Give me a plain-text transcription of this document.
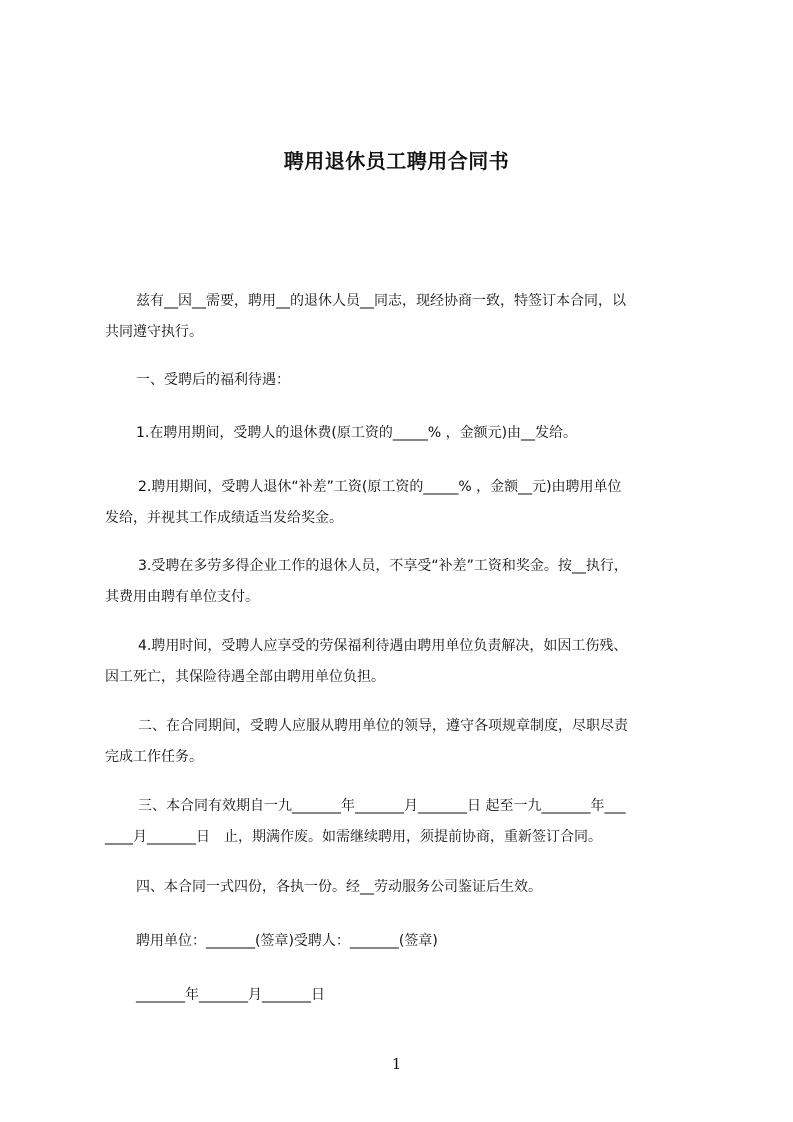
聘用退休员工聘用合同书
兹有__因__需要，聘用__的退休人员__同志，现经协商一致，特签订本合同，以
共同遵守执行。
一、受聘后的福利待遇：
1.在聘用期间，受聘人的退休费(原工资的_____% ，金额元)由__发给。
2.聘用期间，受聘人退休“补差”工资(原工资的_____% ，金额__元)由聘用单位
发给，并视其工作成绩适当发给奖金。
3.受聘在多劳多得企业工作的退休人员，不享受“补差”工资和奖金。按__执行，
其费用由聘有单位支付。
4.聘用时间，受聘人应享受的劳保福利待遇由聘用单位负责解决，如因工伤残、
因工死亡，其保险待遇全部由聘用单位负担。
二、在合同期间，受聘人应服从聘用单位的领导，遵守各项规章制度，尽职尽责
完成工作任务。
三、本合同有效期自一九_______年_______月_______日 起至一九_______年___
____月_______日　止，期满作废。如需继续聘用，须提前协商，重新签订合同。
四、本合同一式四份，各执一份。经__劳动服务公司鉴证后生效。
聘用单位：_______(签章)受聘人：_______(签章)
_______年_______月_______日
1
